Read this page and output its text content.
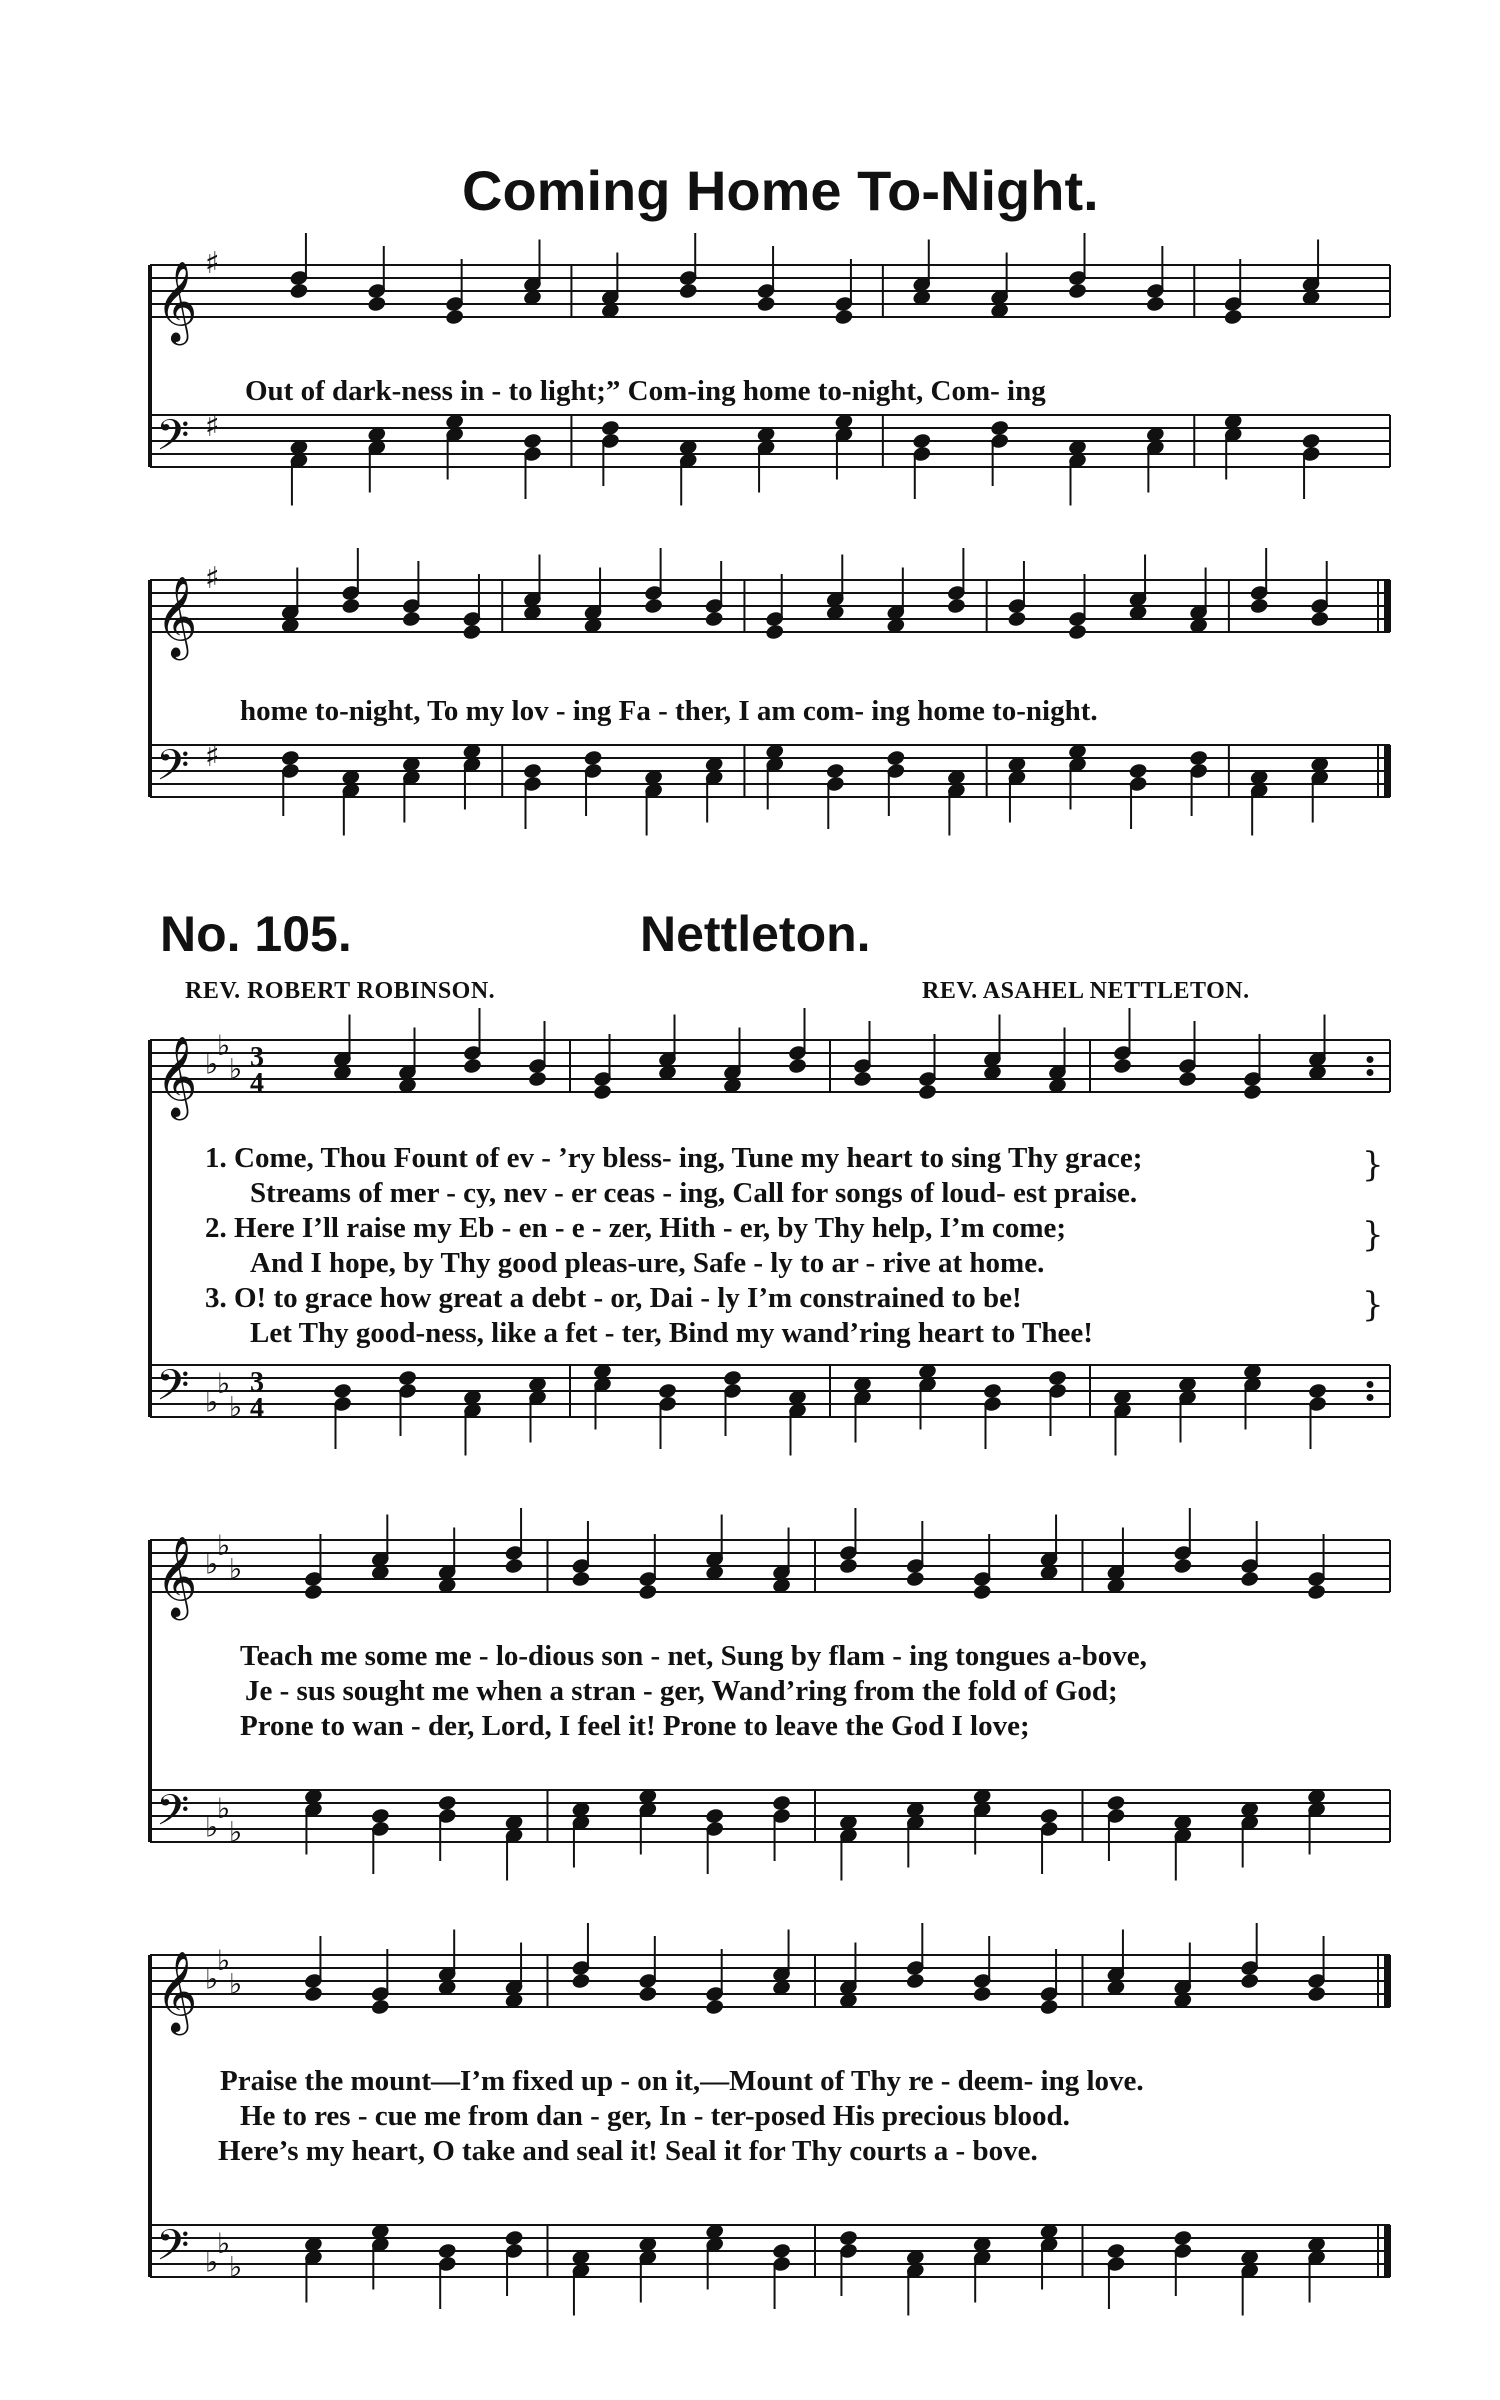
Coming Home To-Night.
𝄞
𝄢
♯
♯
Out of dark-ness in - to light;” Com-ing home to-night, Com- ing
𝄞
𝄢
♯
♯
home to-night, To my lov - ing Fa - ther, I am com- ing home to-night.
No. 105.	Nettleton.
REV. ROBERT ROBINSON.	REV. ASAHEL NETTLETON.
𝄞
𝄢
♭
♭
♭
♭
♭
♭
3
4
3
4
1. Come, Thou Fount of ev - ’ry bless- ing, Tune my heart to sing Thy grace;
Streams of mer - cy, nev - er ceas - ing, Call for songs of loud- est praise.
2. Here I’ll raise my Eb - en - e - zer, Hith - er, by Thy help, I’m come;
And I hope, by Thy good pleas-ure, Safe - ly to ar - rive at home.
3. O! to grace how great a debt - or, Dai - ly I’m constrained to be!
Let Thy good-ness, like a fet - ter, Bind my wand’ring heart to Thee!
}
}
}
𝄞
𝄢
♭
♭
♭
♭
♭
♭
Teach me some me - lo-dious son - net, Sung by flam - ing tongues a-bove,
Je - sus sought me when a stran - ger, Wand’ring from the fold of God;
Prone to wan - der, Lord, I feel it! Prone to leave the God I love;
𝄞
𝄢
♭
♭
♭
♭
♭
♭
Praise the mount—I’m fixed up - on it,—Mount of Thy re - deem- ing love.
He to res - cue me from dan - ger, In - ter-posed His precious blood.
Here’s my heart, O take and seal it! Seal it for Thy courts a - bove.
